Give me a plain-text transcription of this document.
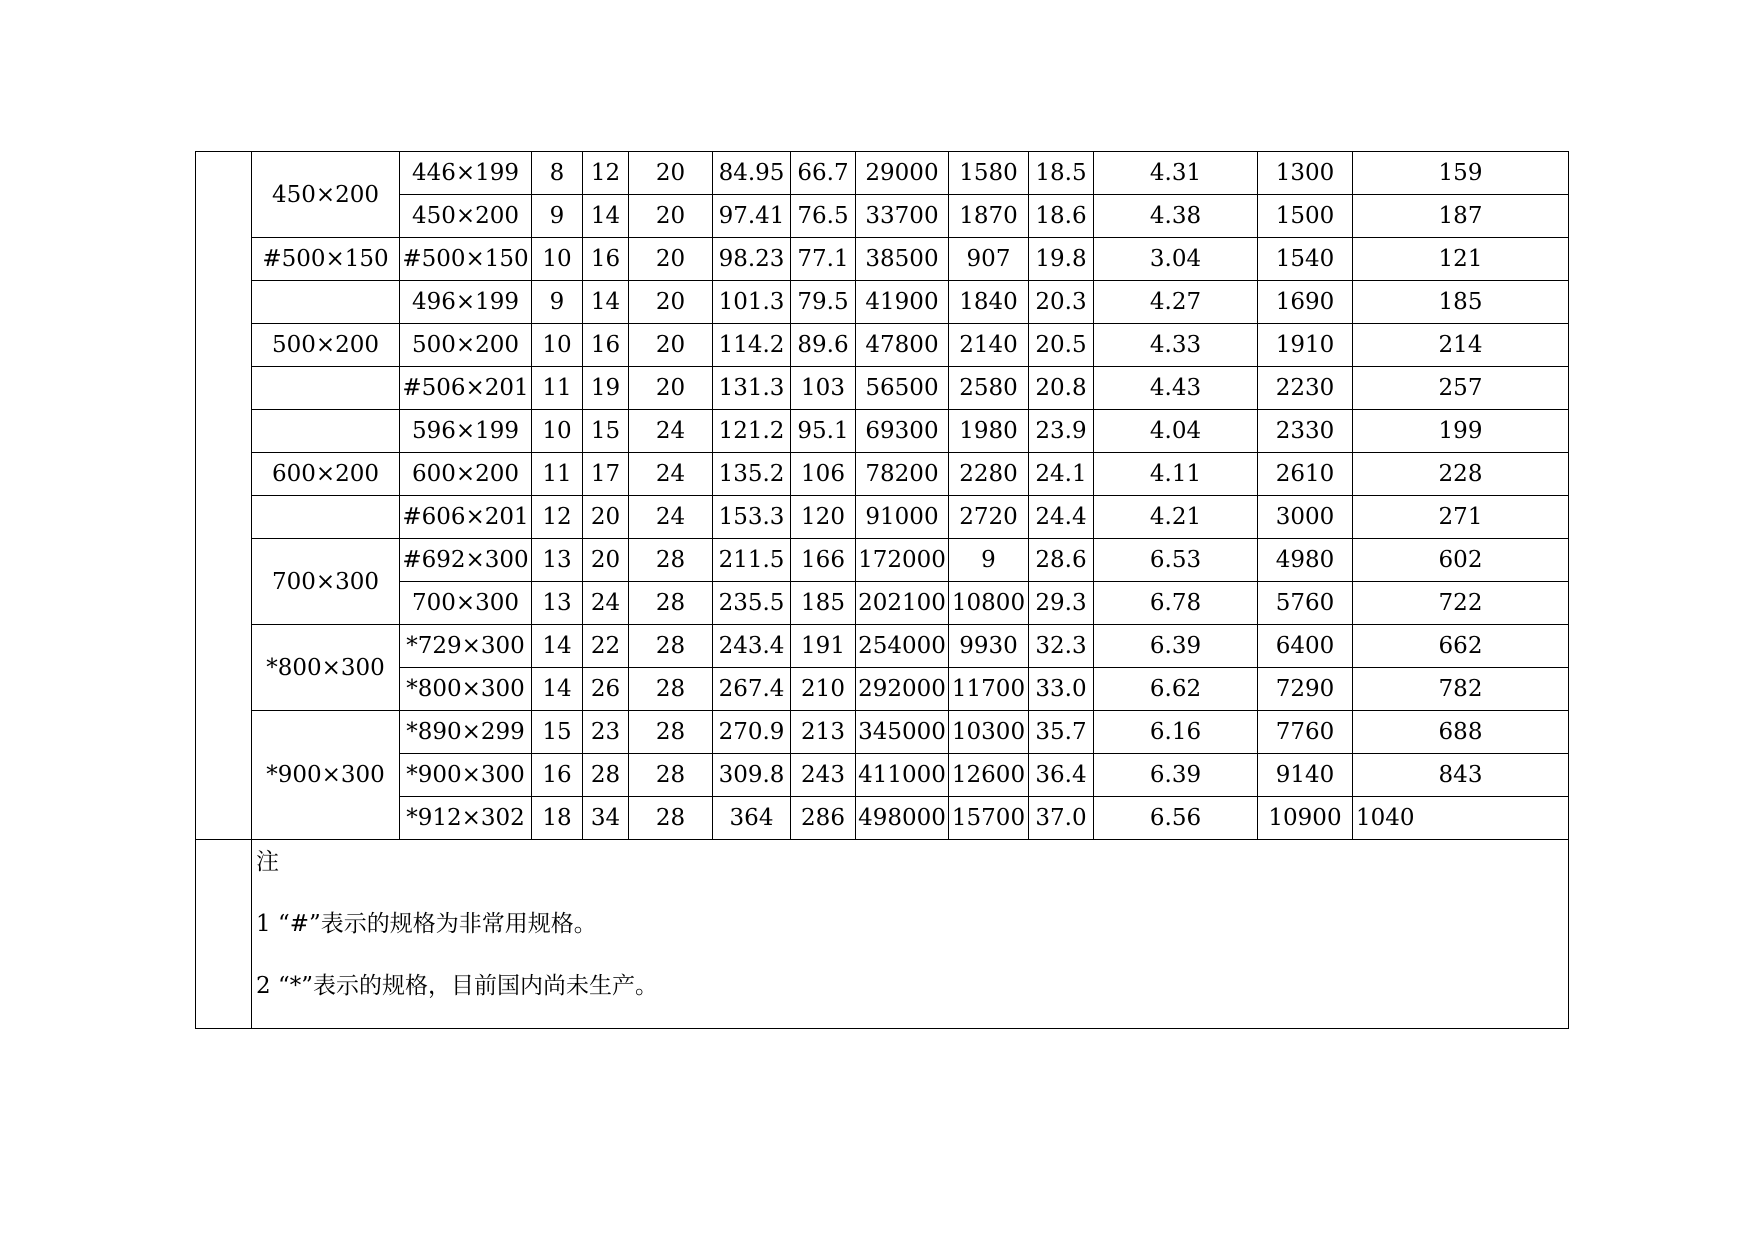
	450×200	446×199	8	12	20	84.95	66.7	29000	1580	18.5	4.31	1300	159
		450×200	9	14	20	97.41	76.5	33700	1870	18.6	4.38	1500	187
	#500×150	#500×150	10	16	20	98.23	77.1	38500	907	19.8	3.04	1540	121
		496×199	9	14	20	101.3	79.5	41900	1840	20.3	4.27	1690	185
	500×200	500×200	10	16	20	114.2	89.6	47800	2140	20.5	4.33	1910	214
		#506×201	11	19	20	131.3	103	56500	2580	20.8	4.43	2230	257
		596×199	10	15	24	121.2	95.1	69300	1980	23.9	4.04	2330	199
	600×200	600×200	11	17	24	135.2	106	78200	2280	24.1	4.11	2610	228
		#606×201	12	20	24	153.3	120	91000	2720	24.4	4.21	3000	271
	700×300	#692×300	13	20	28	211.5	166	172000	9	28.6	6.53	4980	602
		700×300	13	24	28	235.5	185	202100	10800	29.3	6.78	5760	722
	*800×300	*729×300	14	22	28	243.4	191	254000	9930	32.3	6.39	6400	662
		*800×300	14	26	28	267.4	210	292000	11700	33.0	6.62	7290	782
	*900×300	*890×299	15	23	28	270.9	213	345000	10300	35.7	6.16	7760	688
		*900×300	16	28	28	309.8	243	411000	12600	36.4	6.39	9140	843
		*912×302	18	34	28	364	286	498000	15700	37.0	6.56	10900	1040

	注
1 “#”表示的规格为非常用规格。
2 “*”表示的规格，目前国内尚未生产。												
